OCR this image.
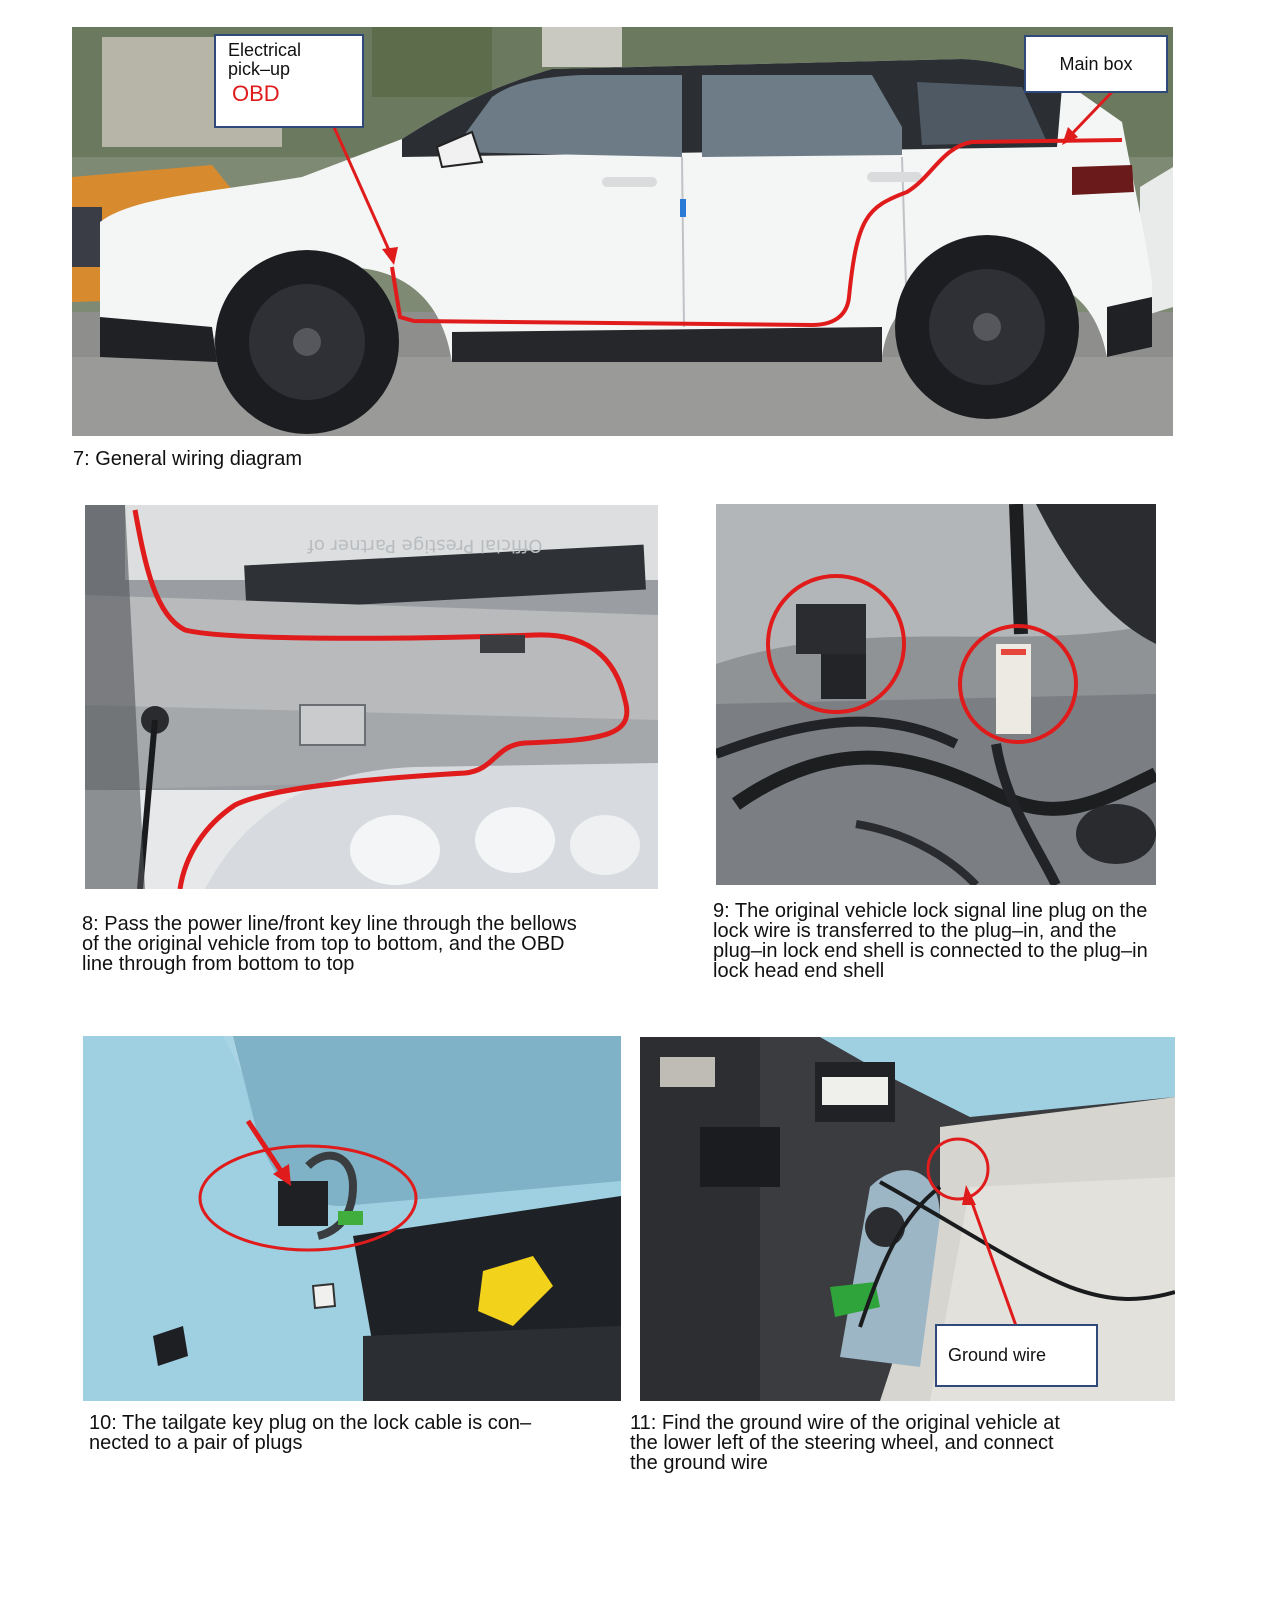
Electrical
pick–up
OBD
Main box
7: General wiring diagram
Official Prestige Partner of
8: Pass the power line/front key line through the bellows
of the original vehicle from top to bottom, and the OBD
line through from bottom to top
9: The original vehicle lock signal line plug on the
lock wire is transferred to the plug–in, and the
plug–in lock end shell is connected to the plug–in
lock head end shell
10: The tailgate key plug on the lock cable is con–
nected to a pair of plugs
Ground wire
11: Find the ground wire of the original vehicle at
the lower left of the steering wheel, and connect
the ground wire
